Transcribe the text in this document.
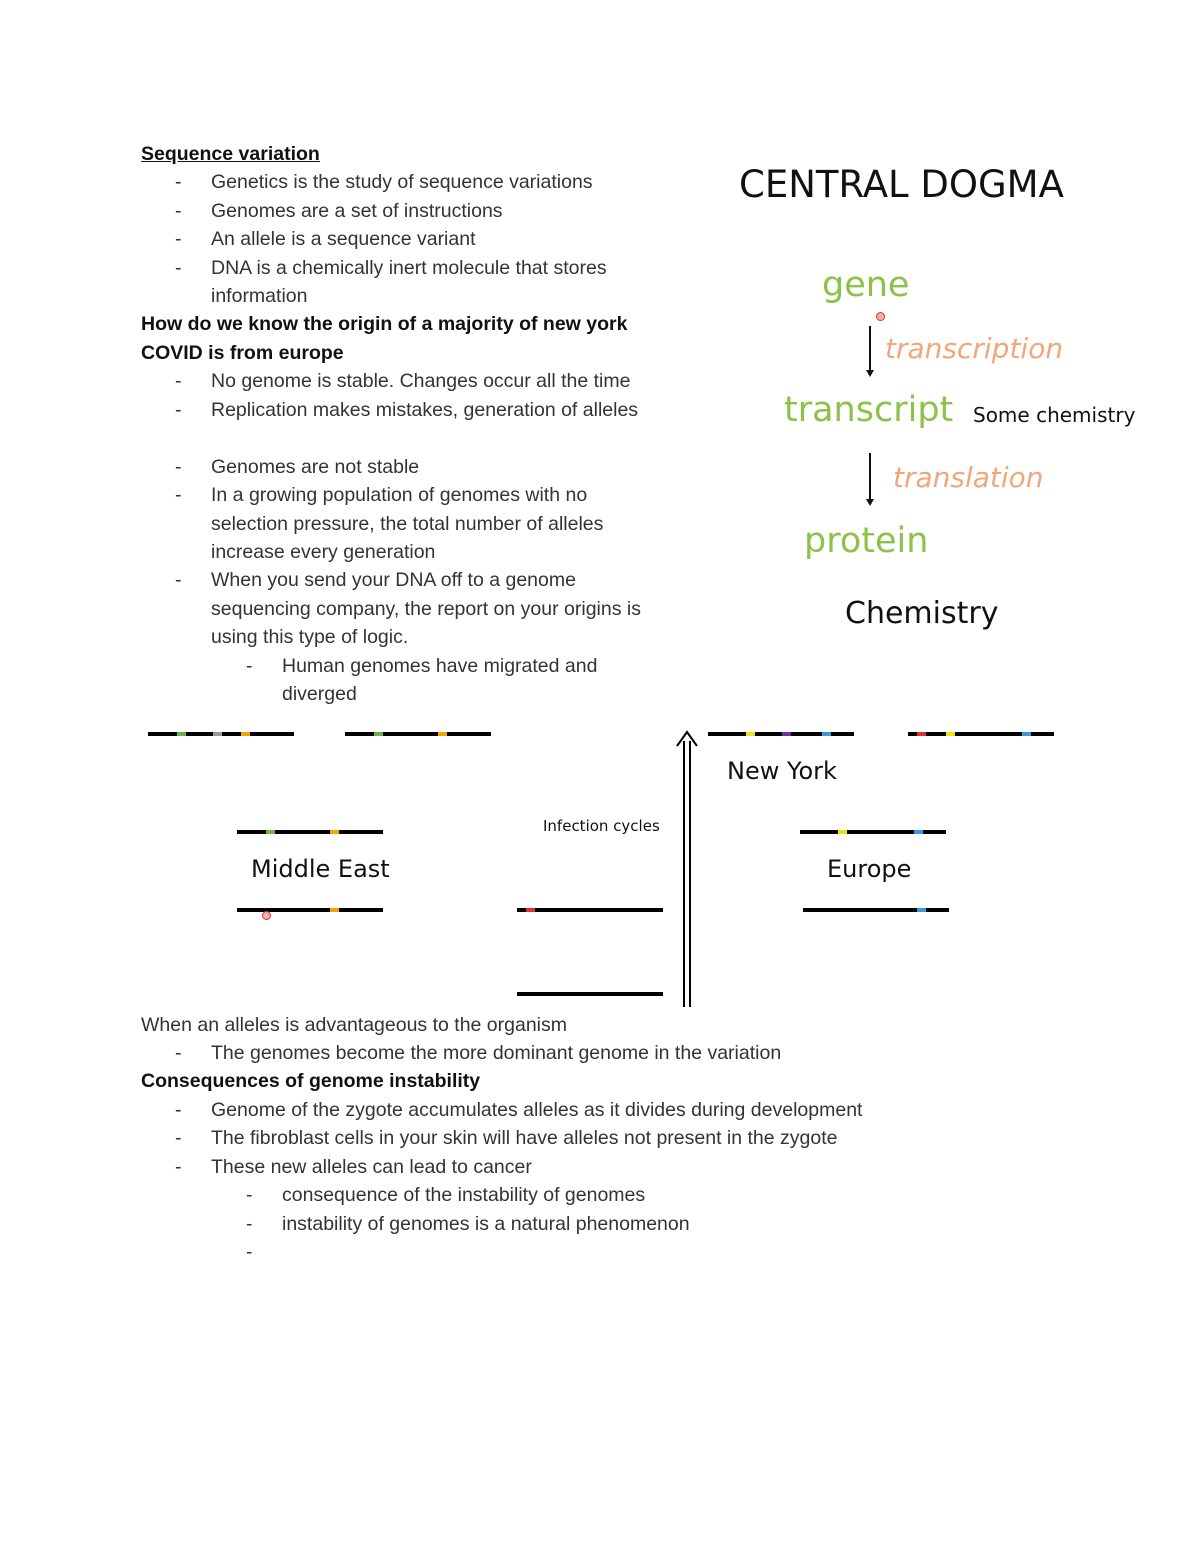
Sequence variation
- Genetics is the study of sequence variations
- Genomes are a set of instructions
- An allele is a sequence variant
- DNA is a chemically inert molecule that stores
information
How do we know the origin of a majority of new york
COVID is from europe
- No genome is stable. Changes occur all the time
- Replication makes mistakes, generation of alleles
- Genomes are not stable
- In a growing population of genomes with no
selection pressure, the total number of alleles
increase every generation
- When you send your DNA off to a genome
sequencing company, the report on your origins is
using this type of logic.
- Human genomes have migrated and
diverged
CENTRAL DOGMA
gene
transcription
transcript Some chemistry
translation
protein
Chemistry
Middle East
Infection cycles
New York
Europe
When an alleles is advantageous to the organism
- The genomes become the more dominant genome in the variation
Consequences of genome instability
- Genome of the zygote accumulates alleles as it divides during development
- The fibroblast cells in your skin will have alleles not present in the zygote
- These new alleles can lead to cancer
- consequence of the instability of genomes
- instability of genomes is a natural phenomenon
-
